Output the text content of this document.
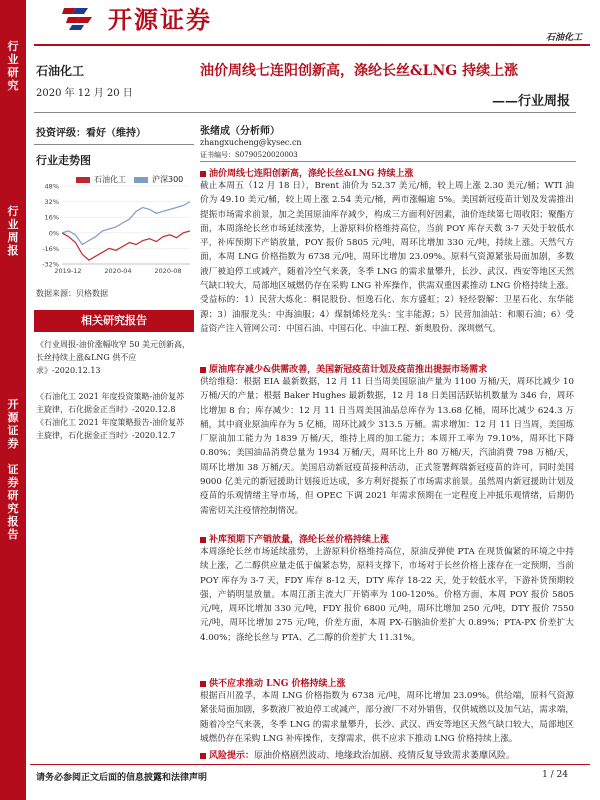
行
业
研
究
行
业
周
报
开
源
证
券

证
券
研
究
报
告
开源证券
石油化工
石油化工
2020 年 12 月 20 日
油价周线七连阳创新高，涤纶长丝&LNG 持续上涨
——行业周报
投资评级：看好（维持）
行业走势图
石油化工	沪深300
48%
32%
16%
0%
-16%
-32%
2019-12	2020-04	2020-08
数据来源：贝格数据
相关研究报告
《行业周报-油价涨幅收窄 50 美元创新高，长丝持续上涨&LNG 供不应求》-2020.12.13
《石油化工 2021 年度投资策略-油价复苏主旋律，石化据金正当时》-2020.12.8
《石油化工 2021 年度策略报告-油价复苏主旋律，石化据金正当时》-2020.12.7
张绪成（分析师）
zhangxucheng@kysec.cn
证书编号：S0790520020003
油价周线七连阳创新高，涤纶长丝&LNG 持续上涨
截止本周五（12 月 18 日），Brent 油价为 52.37 美元/桶，较上周上涨 2.30 美元/桶；WTI 油价为 49.10 美元/桶，较上周上涨 2.54 美元/桶，两市涨幅逾 5%。美国新冠疫苗计划及发需推出提振市场需求前景，加之美国原油库存减少，构成三方面利好因素，油价连续第七周收阳；聚酯方面，本周涤纶长丝市场延续涨势，上游原料价格维持高位，当前 POY 库存天数 3-7 天处于较低水平，补库预期下产销放量，POY 报价 5805 元/吨，周环比增加 330 元/吨，持续上涨。天然气方面，本周 LNG 价格指数为 6738 元/吨，周环比增加 23.09%。原料气资源紧张局面加剧，多数液厂被迫停工或减产，随着冷空气来袭，冬季 LNG 的需求量攀升，长沙、武汉、西安等地区天然气缺口较大，局部地区城燃仍存在采购 LNG 补库操作，供需双重因素推动 LNG 价格持续上涨。受益标的：1）民营大炼化：桐昆股份、恒逸石化、东方盛虹；2）轻烃裂解：卫星石化、东华能源；3）油服龙头：中海油服；4）煤制烯烃龙头：宝丰能源；5）民营加油站：和顺石油；6）受益资产注入管网公司：中国石油、中国石化、中油工程、新奥股份、深圳燃气。
原油库存减少&供需改善，美国新冠疫苗计划及疫苗推出提振市场需求
供给维稳：根据 EIA 最新数据，12 月 11 日当周美国原油产量为 1100 万桶/天，周环比减少 10 万桶/天的产量；根据 Baker Hughes 最新数据，12 月 18 日美国活跃钻机数量为 346 台，周环比增加 8 台；库存减少：12 月 11 日当周美国油品总库存为 13.68 亿桶，周环比减少 624.3 万桶，其中商业原油库存为 5 亿桶，周环比减少 313.5 万桶。需求增加：12 月 11 日当周，美国炼厂原油加工能力为 1839 万桶/天，维持上周的加工能力；本周开工率为 79.10%，周环比下降 0.80%；美国油品消费总量为 1934 万桶/天，周环比上升 80 万桶/天，汽油消费 798 万桶/天，周环比增加 38 万桶/天。美国启动新冠疫苗接种活动，正式签署辉瑞新冠疫苗的许可，同时美国 9000 亿美元的新冠援助计划接近达成，多方利好提振了市场需求前景。虽然周内新冠援助计划及疫苗的乐观情绪主导市场，但 OPEC 下调 2021 年需求预期在一定程度上冲抵乐观情绪，后期仍需密切关注疫情控制情况。
补库预期下产销放量，涤纶长丝价格持续上涨
本周涤纶长丝市场延续涨势，上游原料价格维持高位，原油反弹使 PTA 在现货偏紧的环境之中持续上涨，乙二醇供应量走低于偏紧态势，原料支撑下，市场对于长丝价格上涨存在一定预期，当前 POY 库存为 3-7 天，FDY 库存 8-12 天，DTY 库存 18-22 天，处于较低水平，下游补货预期较强，产销明显放量。本周江浙主流大厂开销率为 100-120%。价格方面，本周 POY 报价 5805 元/吨，周环比增加 330 元/吨，FDY 报价 6800 元/吨，周环比增加 250 元/吨，DTY 报价 7550 元/吨，周环比增加 275 元/吨，价差方面，本周 PX-石脑油价差扩大 0.89%；PTA-PX 价差扩大 4.00%；涤纶长丝与 PTA、乙二醇的价差扩大 11.31%。
供不应求推动 LNG 价格持续上涨
根据百川盈孚，本周 LNG 价格指数为 6738 元/吨，周环比增加 23.09%。供给端，原料气资源紧张局面加剧，多数液厂被迫停工或减产，部分液厂不对外销售，仅供城燃以及加气站，需求端，随着冷空气来袭，冬季 LNG 的需求量攀升，长沙、武汉、西安等地区天然气缺口较大，局部地区城燃仍存在采购 LNG 补库操作，支撑需求，供不应求下推动 LNG 价格持续上涨。
风险提示：原油价格剧烈波动、地缘政治加剧、疫情反复导致需求萎靡风险。
请务必参阅正文后面的信息披露和法律声明	1 / 24
